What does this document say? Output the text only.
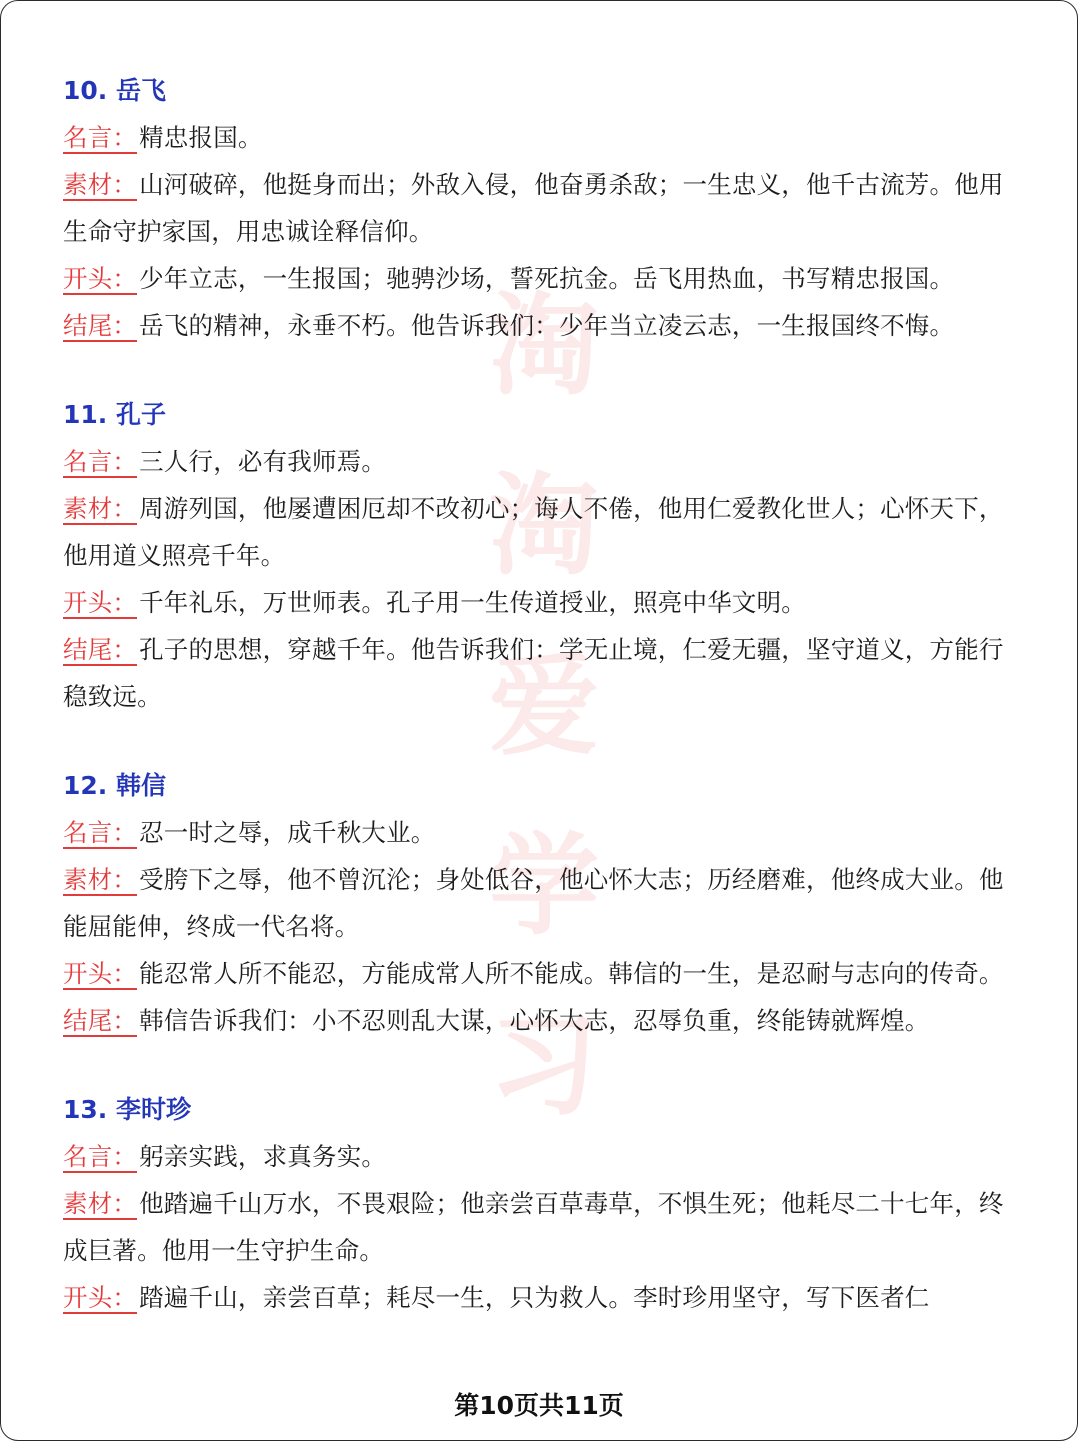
淘
淘
爱
学
习

10. 岳飞

名言：精忠报国。

素材：山河破碎，他挺身而出；外敌入侵，他奋勇杀敌；一生忠义，他千古流芳。他用生命守护家国，用忠诚诠释信仰。

开头：少年立志，一生报国；驰骋沙场，誓死抗金。岳飞用热血，书写精忠报国。

结尾：岳飞的精神，永垂不朽。他告诉我们：少年当立凌云志，一生报国终不悔。

11. 孔子

名言：三人行，必有我师焉。

素材：周游列国，他屡遭困厄却不改初心；诲人不倦，他用仁爱教化世人；心怀天下，他用道义照亮千年。

开头：千年礼乐，万世师表。孔子用一生传道授业，照亮中华文明。

结尾：孔子的思想，穿越千年。他告诉我们：学无止境，仁爱无疆，坚守道义，方能行稳致远。

12. 韩信

名言：忍一时之辱，成千秋大业。

素材：受胯下之辱，他不曾沉沦；身处低谷，他心怀大志；历经磨难，他终成大业。他能屈能伸，终成一代名将。

开头：能忍常人所不能忍，方能成常人所不能成。韩信的一生，是忍耐与志向的传奇。

结尾：韩信告诉我们：小不忍则乱大谋，心怀大志，忍辱负重，终能铸就辉煌。

13. 李时珍

名言：躬亲实践，求真务实。

素材：他踏遍千山万水，不畏艰险；他亲尝百草毒草，不惧生死；他耗尽二十七年，终成巨著。他用一生守护生命。

开头：踏遍千山，亲尝百草；耗尽一生，只为救人。李时珍用坚守，写下医者仁

第10页共11页
